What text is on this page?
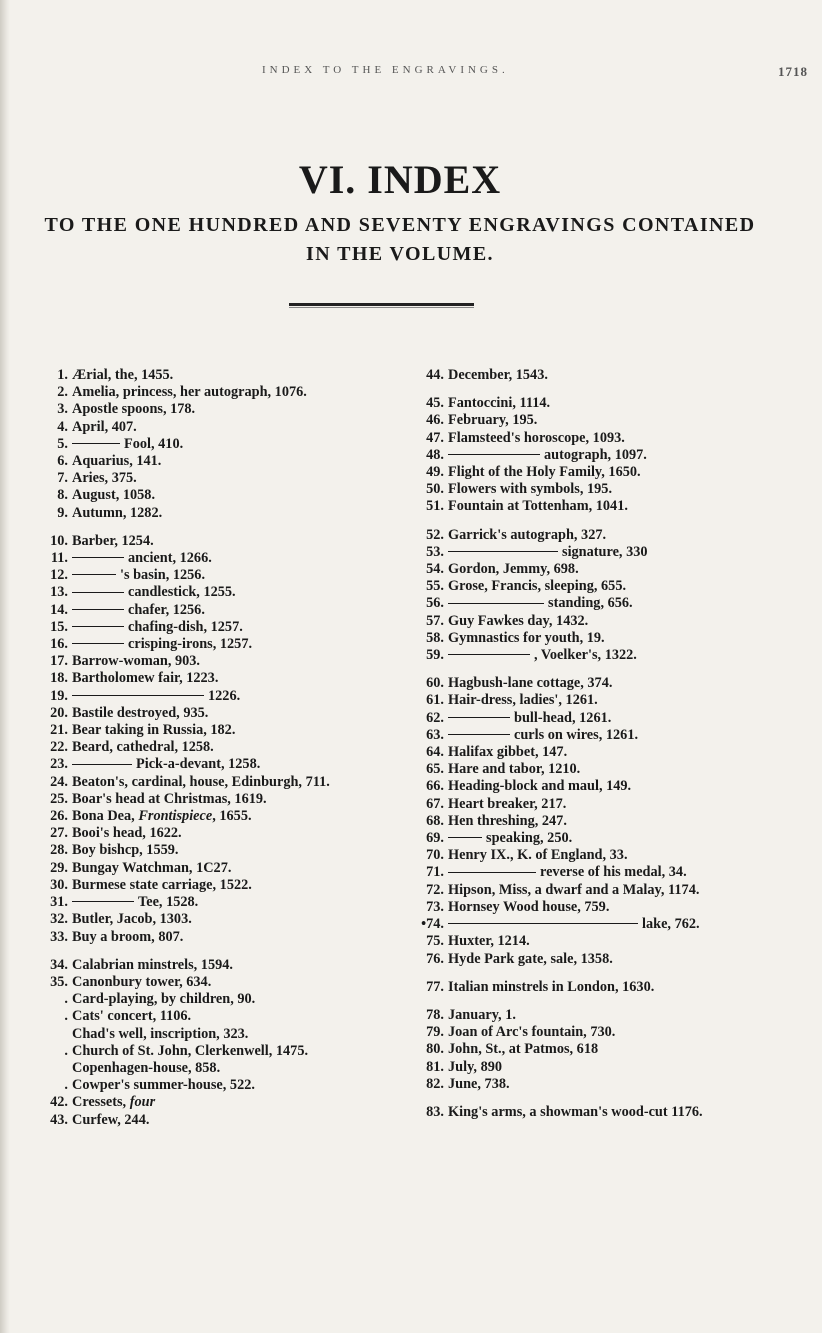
INDEX TO THE ENGRAVINGS.	1718
VI. INDEX
TO THE ONE HUNDRED AND SEVENTY ENGRAVINGS CONTAINED
IN THE VOLUME.
1. Ærial, the, 1455.
2. Amelia, princess, her autograph, 1076.
3. Apostle spoons, 178.
4. April, 407.
5.	Fool, 410.
6. Aquarius, 141.
7. Aries, 375.
8. August, 1058.
9. Autumn, 1282.
10. Barber, 1254.
11.	ancient, 1266.
12.	's basin, 1256.
13.	candlestick, 1255.
14.	chafer, 1256.
15.	chafing-dish, 1257.
16.	crisping-irons, 1257.
17. Barrow-woman, 903.
18. Bartholomew fair, 1223.
19.	1226.
20. Bastile destroyed, 935.
21. Bear taking in Russia, 182.
22. Beard, cathedral, 1258.
23.	Pick-a-devant, 1258.
24. Beaton's, cardinal, house, Edinburgh, 711.
25. Boar's head at Christmas, 1619.
26. Bona Dea, Frontispiece, 1655.
27. Booi's head, 1622.
28. Boy bishcp, 1559.
29. Bungay Watchman, 1C27.
30. Burmese state carriage, 1522.
31.	Tee, 1528.
32. Butler, Jacob, 1303.
33. Buy a broom, 807.
34. Calabrian minstrels, 1594.
35. Canonbury tower, 634.
. Card-playing, by children, 90.
. Cats' concert, 1106.
Chad's well, inscription, 323.
. Church of St. John, Clerkenwell, 1475.
Copenhagen-house, 858.
. Cowper's summer-house, 522.
42. Cressets, four
43. Curfew, 244.
44. December, 1543.
45. Fantoccini, 1114.
46. February, 195.
47. Flamsteed's horoscope, 1093.
48.	autograph, 1097.
49. Flight of the Holy Family, 1650.
50. Flowers with symbols, 195.
51. Fountain at Tottenham, 1041.
52. Garrick's autograph, 327.
53.	signature, 330
54. Gordon, Jemmy, 698.
55. Grose, Francis, sleeping, 655.
56.	standing, 656.
57. Guy Fawkes day, 1432.
58. Gymnastics for youth, 19.
59.	, Voelker's, 1322.
60. Hagbush-lane cottage, 374.
61. Hair-dress, ladies', 1261.
62.	bull-head, 1261.
63.	curls on wires, 1261.
64. Halifax gibbet, 147.
65. Hare and tabor, 1210.
66. Heading-block and maul, 149.
67. Heart breaker, 217.
68. Hen threshing, 247.
69.	speaking, 250.
70. Henry IX., K. of England, 33.
71.	reverse of his medal, 34.
72. Hipson, Miss, a dwarf and a Malay, 1174.
73. Hornsey Wood house, 759.
•74.	lake, 762.
75. Huxter, 1214.
76. Hyde Park gate, sale, 1358.
77. Italian minstrels in London, 1630.
78. January, 1.
79. Joan of Arc's fountain, 730.
80. John, St., at Patmos, 618
81. July, 890
82. June, 738.
83. King's arms, a showman's wood-cut 1176.
